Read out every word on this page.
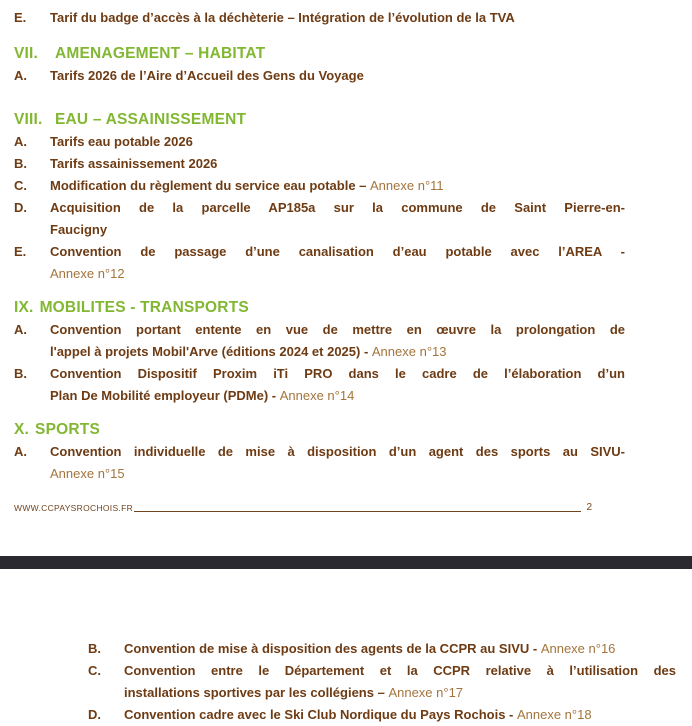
E.	Tarif du badge d’accès à la déchèterie – Intégration de l’évolution de la TVA
VII.	AMENAGEMENT – HABITAT
A.	Tarifs 2026 de l’Aire d’Accueil des Gens du Voyage
VIII. EAU – ASSAINISSEMENT
A.	Tarifs eau potable 2026
B.	Tarifs assainissement 2026
C.	Modification du règlement du service eau potable – Annexe n°11
D.	Acquisition de la parcelle AP185a sur la commune de Saint Pierre-en-
Faucigny
E.	Convention de passage d’une canalisation d’eau potable avec l’AREA -
Annexe n°12
IX. MOBILITES - TRANSPORTS
A.	Convention portant entente en vue de mettre en œuvre la prolongation de
l'appel à projets Mobil'Arve (éditions 2024 et 2025) - Annexe n°13
B.	Convention Dispositif Proxim iTi PRO dans le cadre de l’élaboration d’un
Plan De Mobilité employeur (PDMe) - Annexe n°14
X. SPORTS
A.	Convention individuelle de mise à disposition d’un agent des sports au SIVU-
Annexe n°15
WWW.CCPAYSROCHOIS.FR	2
B.	Convention de mise à disposition des agents de la CCPR au SIVU - Annexe n°16
C.	Convention entre le Département et la CCPR relative à l’utilisation des
installations sportives par les collégiens – Annexe n°17
D.	Convention cadre avec le Ski Club Nordique du Pays Rochois - Annexe n°18
